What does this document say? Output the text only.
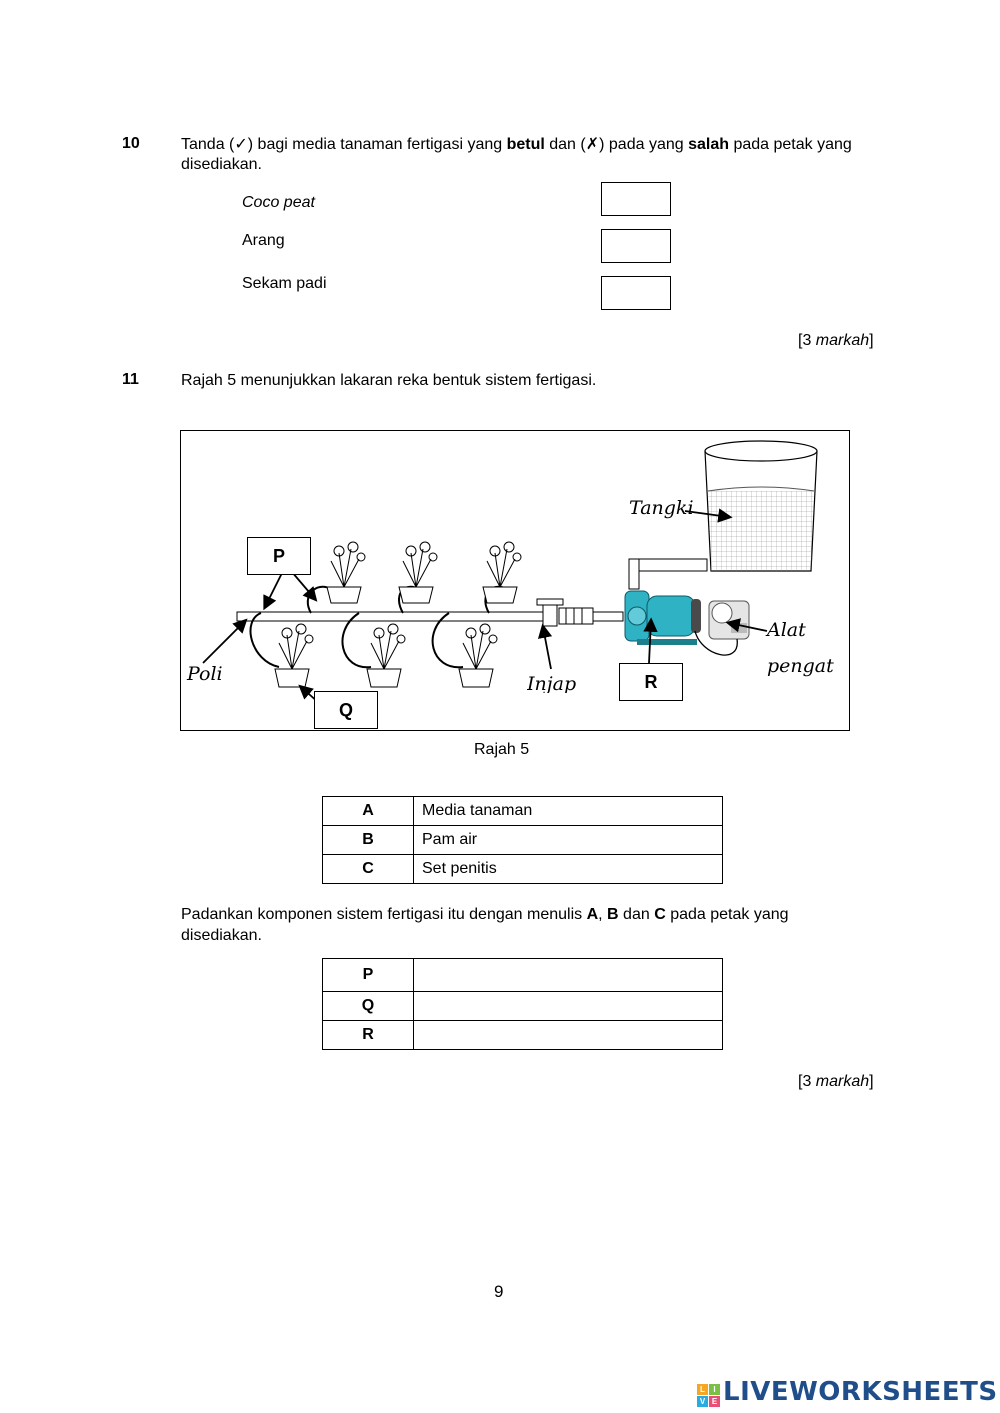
10	Tanda (✓) bagi media tanaman fertigasi yang betul dan (✗) pada yang salah pada petak yang disediakan.
Coco peat
Arang
Sekam padi
[3 markah]
11	Rajah 5 menunjukkan lakaran reka bentuk sistem fertigasi.
Tangki
Alat
pengat
Poli	Injap
P
Q
R
Rajah 5
A	Media tanaman
B	Pam air
C	Set penitis
Padankan komponen sistem fertigasi itu dengan menulis A, B dan C pada petak yang disediakan.
P	
Q	
R	
[3 markah]
9
L	I
V E LIVEWORKSHEETS
